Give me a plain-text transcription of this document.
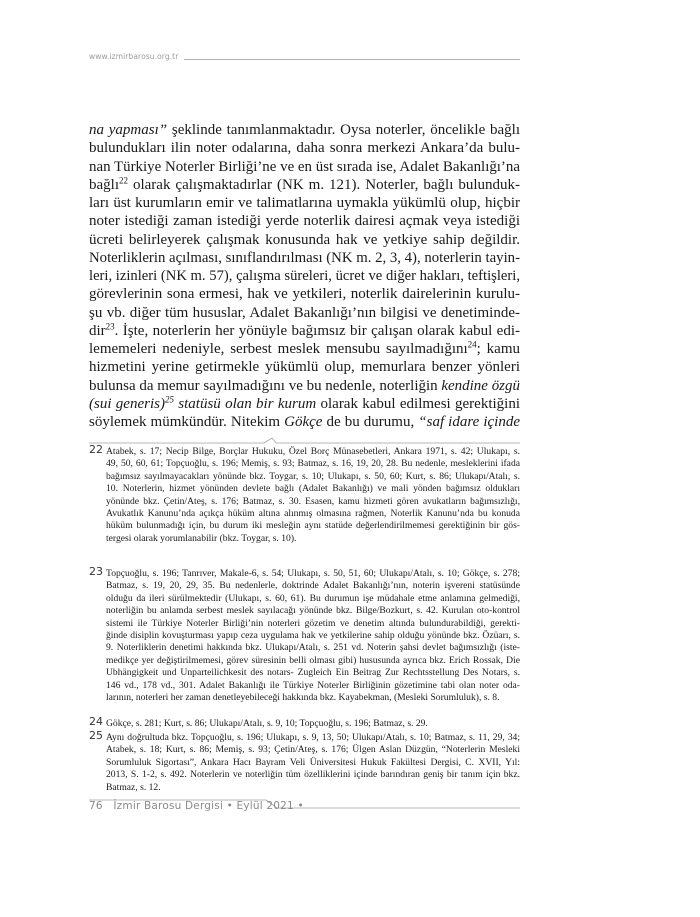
www.izmirbarosu.org.tr
na yapması” şeklinde tanımlanmaktadır. Oysa noterler, öncelikle bağlı
bulundukları ilin noter odalarına, daha sonra merkezi Ankara’da bulu-
nan Türkiye Noterler Birliği’ne ve en üst sırada ise, Adalet Bakanlığı’na
bağlı$^{22}$ olarak çalışmaktadırlar (NK m. 121). Noterler, bağlı bulunduk-
ları üst kurumların emir ve talimatlarına uymakla yükümlü olup, hiçbir
noter istediği zaman istediği yerde noterlik dairesi açmak veya istediği
ücreti belirleyerek çalışmak konusunda hak ve yetkiye sahip değildir.
Noterliklerin açılması, sınıflandırılması (NK m. 2, 3, 4), noterlerin tayin-
leri, izinleri (NK m. 57), çalışma süreleri, ücret ve diğer hakları, teftişleri,
görevlerinin sona ermesi, hak ve yetkileri, noterlik dairelerinin kurulu-
şu vb. diğer tüm hususlar, Adalet Bakanlığı’nın bilgisi ve denetiminde-
dir$^{23}$. İşte, noterlerin her yönüyle bağımsız bir çalışan olarak kabul edi-
lememeleri nedeniyle, serbest meslek mensubu sayılmadığını$^{24}$; kamu
hizmetini yerine getirmekle yükümlü olup, memurlara benzer yönleri
bulunsa da memur sayılmadığını ve bu nedenle, noterliğin kendine özgü
(sui generis)$^{25}$ statüsü olan bir kurum olarak kabul edilmesi gerektiğini
söylemek mümkündür. Nitekim Gökçe de bu durumu, “saf idare içinde
22 Atabek, s. 17; Necip Bilge, Borçlar Hukuku, Özel Borç Münasebetleri, Ankara 1971, s. 42; Ulukapı, s.
49, 50, 60, 61; Topçuoğlu, s. 196; Memiş, s. 93; Batmaz, s. 16, 19, 20, 28. Bu nedenle, mesleklerini ifada
bağımsız sayılmayacakları yönünde bkz. Toygar, s. 10; Ulukapı, s. 50, 60; Kurt, s. 86; Ulukapı/Atalı, s.
10. Noterlerin, hizmet yönünden devlete bağlı (Adalet Bakanlığı) ve mali yönden bağımsız oldukları
yönünde bkz. Çetin/Ateş, s. 176; Batmaz, s. 30. Esasen, kamu hizmeti gören avukatların bağımsızlığı,
Avukatlık Kanunu’nda açıkça hüküm altına alınmış olmasına rağmen, Noterlik Kanunu’nda bu konuda
hüküm bulunmadığı için, bu durum iki mesleğin aynı statüde değerlendirilmemesi gerektiğinin bir gös-
tergesi olarak yorumlanabilir (bkz. Toygar, s. 10).
23 Topçuoğlu, s. 196; Tanrıver, Makale-6, s. 54; Ulukapı, s. 50, 51, 60; Ulukapı/Atalı, s. 10; Gökçe, s. 278;
Batmaz, s. 19, 20, 29, 35. Bu nedenlerle, doktrinde Adalet Bakanlığı’nın, noterin işvereni statüsünde
olduğu da ileri sürülmektedir (Ulukapı, s. 60, 61). Bu durumun işe müdahale etme anlamına gelmediği,
noterliğin bu anlamda serbest meslek sayılacağı yönünde bkz. Bilge/Bozkurt, s. 42. Kurulan oto-kontrol
sistemi ile Türkiye Noterler Birliği’nin noterleri gözetim ve denetim altında bulundurabildiği, gerekti-
ğinde disiplin kovuşturması yapıp ceza uygulama hak ve yetkilerine sahip olduğu yönünde bkz. Özüarı, s.
9. Noterliklerin denetimi hakkında bkz. Ulukapı/Atalı, s. 251 vd. Noterin şahsi devlet bağımsızlığı (iste-
medikçe yer değiştirilmemesi, görev süresinin belli olması gibi) hususunda ayrıca bkz. Erich Rossak, Die
Ubhängigkeit und Unparteilichkesit des notars- Zugleich Ein Beitrag Zur Rechtsstellung Des Notars, s.
146 vd., 178 vd., 301. Adalet Bakanlığı ile Türkiye Noterler Birliğinin gözetimine tabi olan noter oda-
larının, noterleri her zaman denetleyebileceği hakkında bkz. Kayabekman, (Mesleki Sorumluluk), s. 8.
24 Gökçe, s. 281; Kurt, s. 86; Ulukapı/Atalı, s. 9, 10; Topçuoğlu, s. 196; Batmaz, s. 29.
25 Aynı doğrultuda bkz. Topçuoğlu, s. 196; Ulukapı, s. 9, 13, 50; Ulukapı/Atalı, s. 10; Batmaz, s. 11, 29, 34;
Atabek, s. 18; Kurt, s. 86; Memiş, s. 93; Çetin/Ateş, s. 176; Ülgen Aslan Düzgün, “Noterlerin Mesleki
Sorumluluk Sigortası”, Ankara Hacı Bayram Veli Üniversitesi Hukuk Fakültesi Dergisi, C. XVII, Yıl:
2013, S. 1-2, s. 492. Noterlerin ve noterliğin tüm özelliklerini içinde barındıran geniş bir tanım için bkz.
Batmaz, s. 12.
76 İzmir Barosu Dergisi • Eylül 2021 •
